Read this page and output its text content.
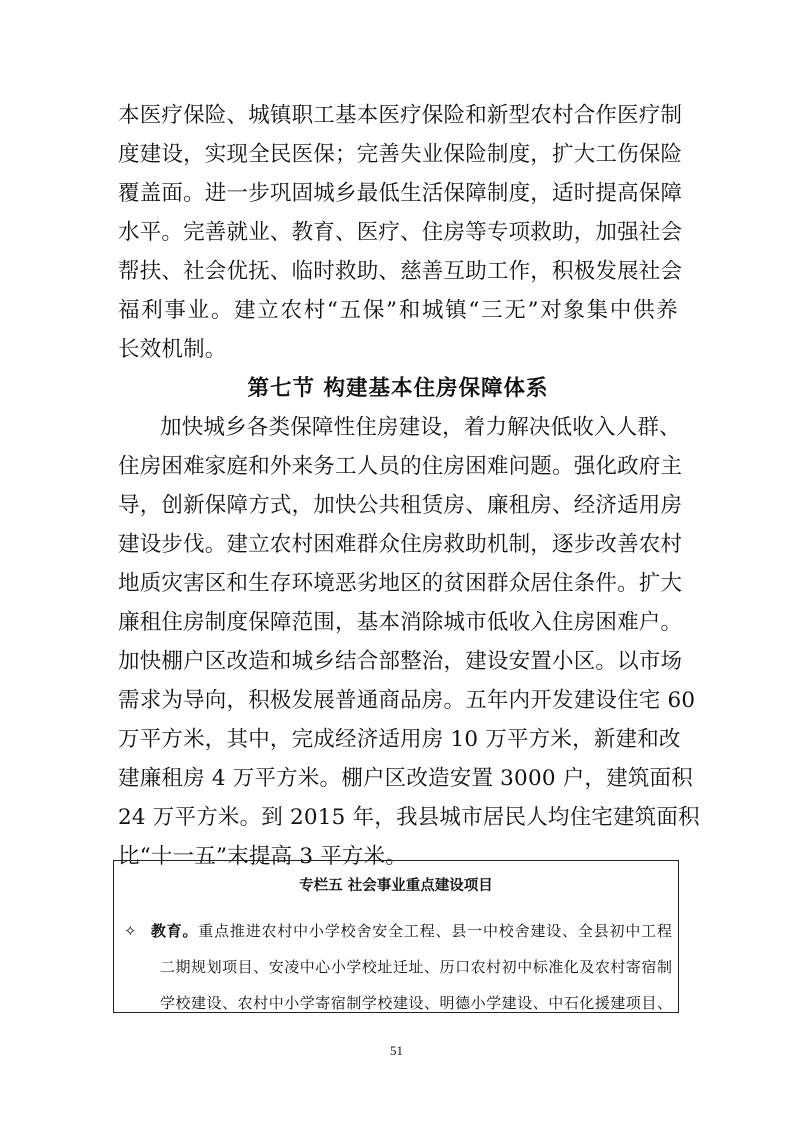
本医疗保险、城镇职工基本医疗保险和新型农村合作医疗制
度建设，实现全民医保；完善失业保险制度，扩大工伤保险
覆盖面。进一步巩固城乡最低生活保障制度，适时提高保障
水平。完善就业、教育、医疗、住房等专项救助，加强社会
帮扶、社会优抚、临时救助、慈善互助工作，积极发展社会
福利事业。建立农村“五保”和城镇“三无”对象集中供养
长效机制。
第七节 构建基本住房保障体系
加快城乡各类保障性住房建设，着力解决低收入人群、
住房困难家庭和外来务工人员的住房困难问题。强化政府主
导，创新保障方式，加快公共租赁房、廉租房、经济适用房
建设步伐。建立农村困难群众住房救助机制，逐步改善农村
地质灾害区和生存环境恶劣地区的贫困群众居住条件。扩大
廉租住房制度保障范围，基本消除城市低收入住房困难户。
加快棚户区改造和城乡结合部整治，建设安置小区。以市场
需求为导向，积极发展普通商品房。五年内开发建设住宅 60
万平方米，其中，完成经济适用房 10 万平方米，新建和改
建廉租房 4 万平方米。棚户区改造安置 3000 户，建筑面积
24 万平方米。到 2015 年，我县城市居民人均住宅建筑面积
比“十一五”末提高 3 平方米。
专栏五 社会事业重点建设项目
✧ 教育。重点推进农村中小学校舍安全工程、县一中校舍建设、全县初中工程
二期规划项目、安凌中心小学校址迁址、历口农村初中标准化及农村寄宿制
学校建设、农村中小学寄宿制学校建设、明德小学建设、中石化援建项目、
51
